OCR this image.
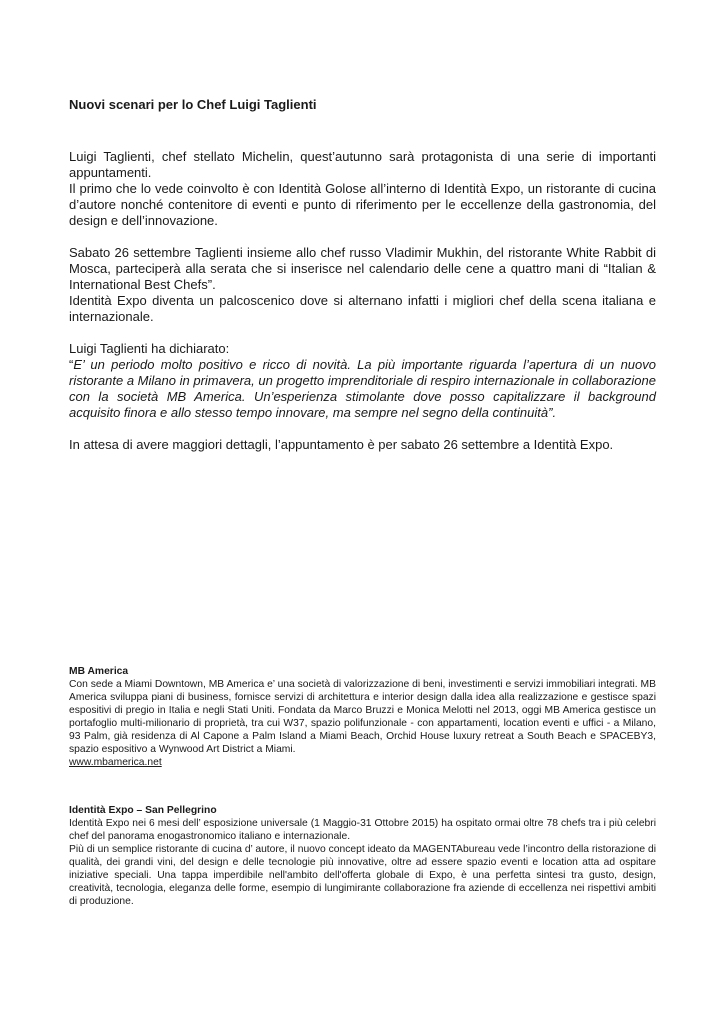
Nuovi scenari per lo Chef Luigi Taglienti

Luigi Taglienti, chef stellato Michelin, quest’autunno sarà protagonista di una serie di importanti appuntamenti.

Il primo che lo vede coinvolto è con Identità Golose all’interno di Identità Expo, un ristorante di cucina d’autore nonché contenitore di eventi e punto di riferimento per le eccellenze della gastronomia, del design e dell’innovazione.

Sabato 26 settembre Taglienti insieme allo chef russo Vladimir Mukhin, del ristorante White Rabbit di Mosca, parteciperà alla serata che si inserisce nel calendario delle cene a quattro mani di “Italian & International Best Chefs”.

Identità Expo diventa un palcoscenico dove si alternano infatti i migliori chef della scena italiana e internazionale.

Luigi Taglienti ha dichiarato:

“E’ un periodo molto positivo e ricco di novità. La più importante riguarda l’apertura di un nuovo ristorante a Milano in primavera, un progetto imprenditoriale di respiro internazionale in collaborazione con la società MB America. Un’esperienza stimolante dove posso capitalizzare il background acquisito finora e allo stesso tempo innovare, ma sempre nel segno della continuità”.

In attesa di avere maggiori dettagli, l’appuntamento è per sabato 26 settembre a Identità Expo.

MB America

Con sede a Miami Downtown, MB America e’ una società di valorizzazione di beni, investimenti e servizi immobiliari integrati. MB America sviluppa piani di business, fornisce servizi di architettura e interior design dalla idea alla realizzazione e gestisce spazi espositivi di pregio in Italia e negli Stati Uniti. Fondata da Marco Bruzzi e Monica Melotti nel 2013, oggi MB America gestisce un portafoglio multi-milionario di proprietà, tra cui W37, spazio polifunzionale - con appartamenti, location eventi e uffici - a Milano, 93 Palm, già residenza di Al Capone a Palm Island a Miami Beach, Orchid House luxury retreat a South Beach e SPACEBY3, spazio espositivo a Wynwood Art District a Miami.

www.mbamerica.net

Identità Expo – San Pellegrino

Identità Expo nei 6 mesi dell’ esposizione universale (1 Maggio-31 Ottobre 2015) ha ospitato ormai oltre 78 chefs tra i più celebri chef del panorama enogastronomico italiano e internazionale.

Più di un semplice ristorante di cucina d’ autore, il nuovo concept ideato da MAGENTAbureau vede l’incontro della ristorazione di qualità, dei grandi vini, del design e delle tecnologie più innovative, oltre ad essere spazio eventi e location atta ad ospitare iniziative speciali. Una tappa imperdibile nell'ambito dell'offerta globale di Expo, è una perfetta sintesi tra gusto, design, creatività, tecnologia, eleganza delle forme, esempio di lungimirante collaborazione fra aziende di eccellenza nei rispettivi ambiti di produzione.
